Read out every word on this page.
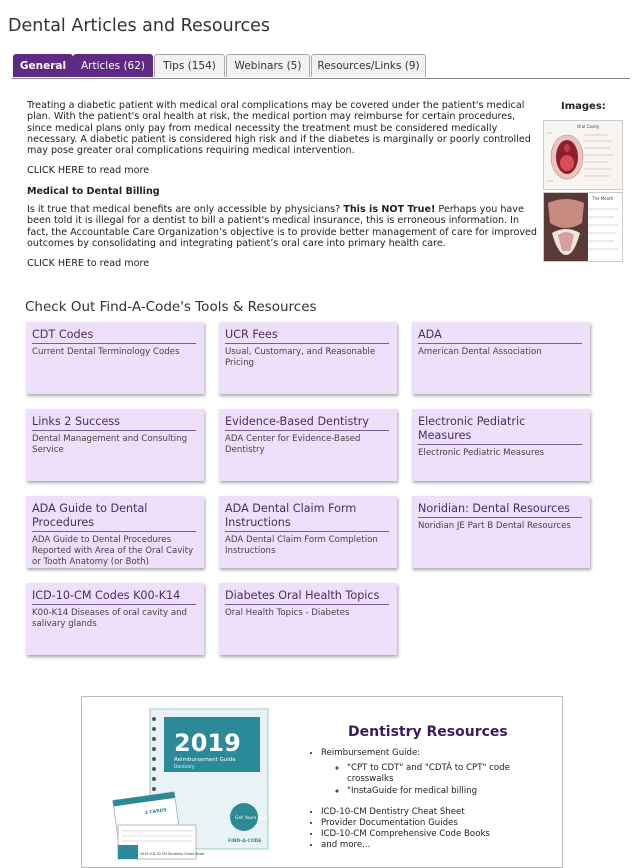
Dental Articles and Resources
General	Articles (62)	Tips (154)	Webinars (5)	Resources/Links (9)

Treating a diabetic patient with medical oral complications may be covered under the patient's medical plan. With the patient's oral health at risk, the medical portion may reimburse for certain procedures, since medical plans only pay from medical necessity the treatment must be considered medically necessary. A diabetic patient is considered high risk and if the diabetes is marginally or poorly controlled may pose greater oral complications requiring medical intervention.

CLICK HERE to read more

Medical to Dental Billing

Is it true that medical benefits are only accessible by physicians? This is NOT True! Perhaps you have been told it is illegal for a dentist to bill a patient's medical insurance, this is erroneous information. In fact, the Accountable Care Organization’s objective is to provide better management of care for improved outcomes by consolidating and integrating patient’s oral care into primary health care.

CLICK HERE to read more

Images:
Oral Cavity
The Mouth
Check Out Find-A-Code's Tools & Resources
CDT Codes
Current Dental Terminology Codes
UCR Fees
Usual, Customary, and Reasonable Pricing
ADA
American Dental Association
Links 2 Success
Dental Management and Consulting Service
Evidence-Based Dentistry
ADA Center for Evidence-Based Dentistry
Electronic Pediatric Measures
Electronic Pediatric Measures
ADA Guide to Dental Procedures
ADA Guide to Dental Procedures Reported with Area of the Oral Cavity or Tooth Anatomy (or Both)
ADA Dental Claim Form Instructions
ADA Dental Claim Form Completion Instructions
Noridian: Dental Resources
Noridian JE Part B Dental Resources
ICD-10-CM Codes K00-K14
K00-K14 Diseases of oral cavity and salivary glands
Diabetes Oral Health Topics
Oral Health Topics - Diabetes
2019
Reimbursement Guide
Dentistry
FIND-A-CODE
Get Yours Now
2 CARDS
2019 ICD-10-CM Dentistry Cheat Sheet
Dentistry Resources
• Reimbursement Guide:
◦ "CPT to CDT" and "CDTÂ to CPT" code crosswalks
◦ "InstaGuide for medical billing
• ICD-10-CM Dentistry Cheat Sheet
• Provider Documentation Guides
• ICD-10-CM Comprehensive Code Books
• and more...
